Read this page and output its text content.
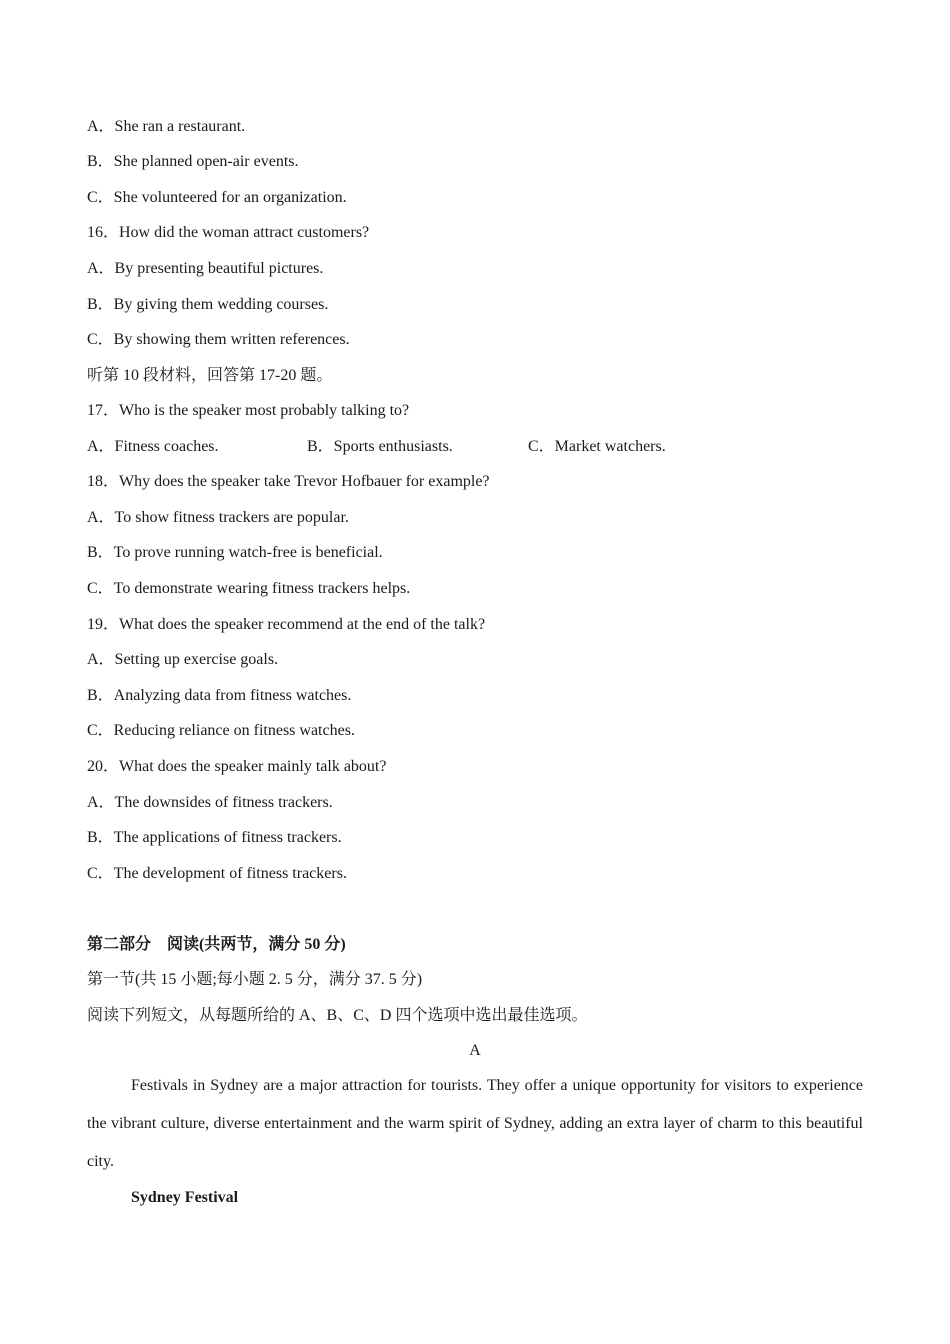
A．She ran a restaurant.
B．She planned open-air events.
C．She volunteered for an organization.
16．How did the woman attract customers?
A．By presenting beautiful pictures.
B．By giving them wedding courses.
C．By showing them written references.
听第 10 段材料，回答第 17-20 题。
17．Who is the speaker most probably talking to?
A．Fitness coaches.	B．Sports enthusiasts.	C．Market watchers.
18．Why does the speaker take Trevor Hofbauer for example?
A．To show fitness trackers are popular.
B．To prove running watch-free is beneficial.
C．To demonstrate wearing fitness trackers helps.
19．What does the speaker recommend at the end of the talk?
A．Setting up exercise goals.
B．Analyzing data from fitness watches.
C．Reducing reliance on fitness watches.
20．What does the speaker mainly talk about?
A．The downsides of fitness trackers.
B．The applications of fitness trackers.
C．The development of fitness trackers.
第二部分　阅读(共两节，满分 50 分)
第一节(共 15 小题;每小题 2. 5 分，满分 37. 5 分)
阅读下列短文，从每题所给的 A、B、C、D 四个选项中选出最佳选项。
A
Festivals in Sydney are a major attraction for tourists. They offer a unique opportunity for visitors to experience the vibrant culture, diverse entertainment and the warm spirit of Sydney, adding an extra layer of charm to this beautiful city.
Sydney Festival
